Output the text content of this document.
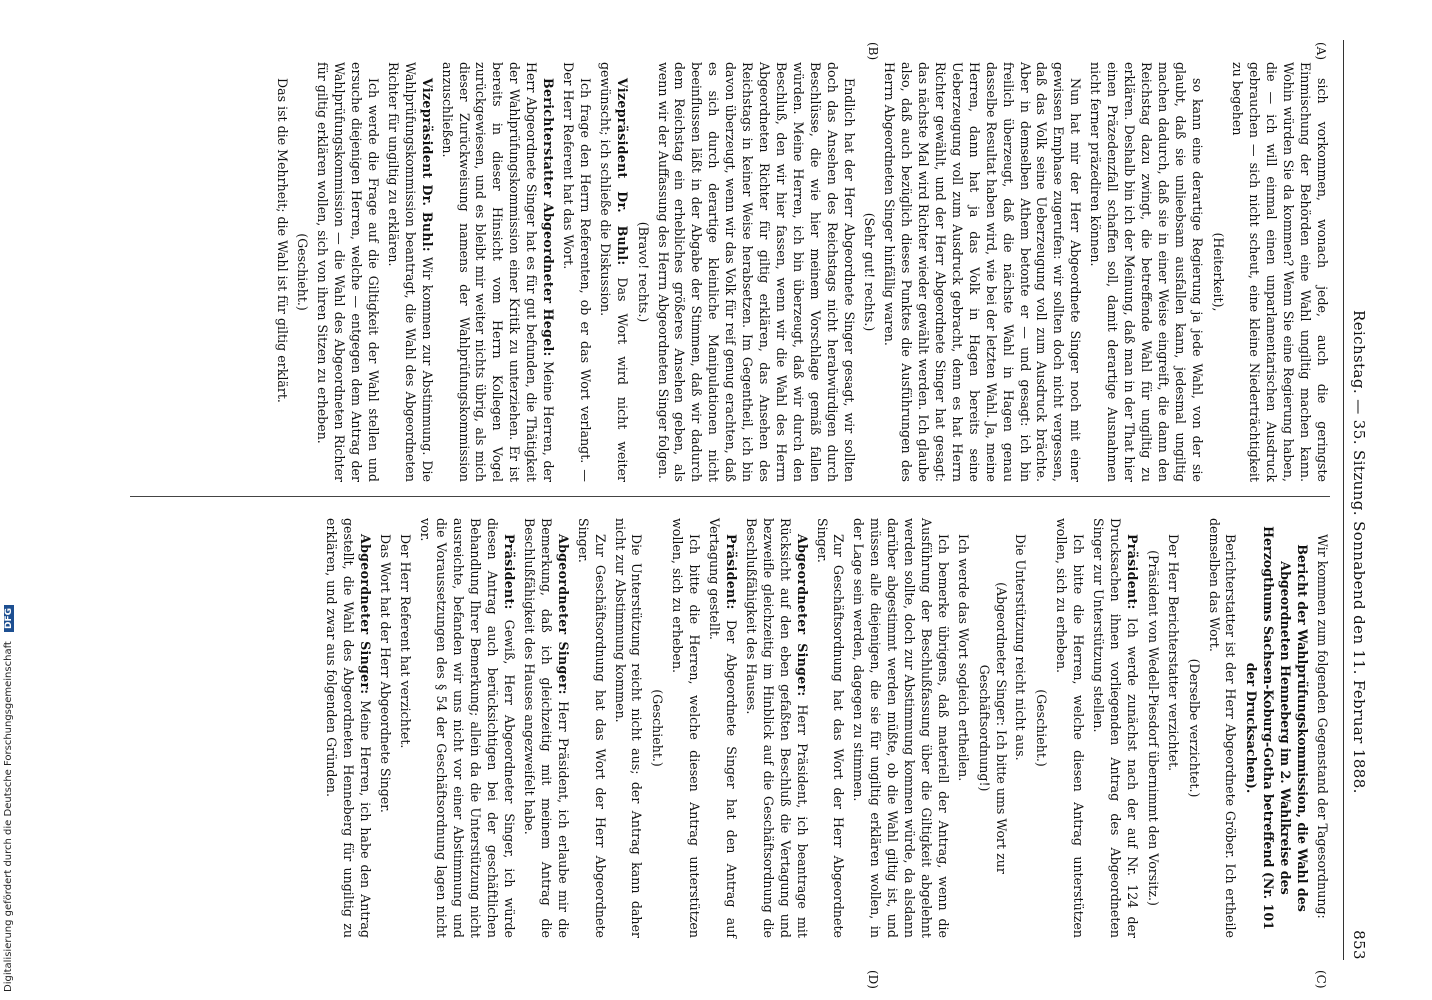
Reichstag. — 35. Sitzung. Sonnabend den 11. Februar 1888.
853
(A)
(B)
(C)
(D)

sich vorkommen, wonach jede, auch die geringste Einmischung der Behörden eine Wahl ungiltig machen kann. Wohin würden Sie da kommen? Wenn Sie eine Regierung haben, die — ich will einmal einen unparlamentarischen Ausdruck gebrauchen — sich nicht scheut, eine kleine Niederträchtigkeit zu begehen

(Heiterkeit),

so kann eine derartige Regierung ja jede Wahl, von der sie glaubt, daß sie unlieebsam ausfallen kann, jedesmal ungiltig machen dadurch, daß sie in einer Weise eingreift, die dann den Reichstag dazu zwingt, die betreffende Wahl für ungiltig zu erklären. Deshalb bin ich der Meinung, daß man in der That hier einen Präzedenzfall schaffen soll, damit derartige Ausnahmen nicht ferner präzediren können.

Nun hat mir der Herr Abgeordnete Singer noch mit einer gewissen Emphase zugerufen: wir sollten doch nicht vergessen, daß das Volk seine Ueberzeugung voll zum Ausdruck brächte. Aber in demselben Athem betonte er — und gesagt: ich bin freilich überzeugt, daß die nächste Wahl in Hagen genau dasselbe Resultat haben wird, wie bei der letzten Wahl. Ja, meine Herren, dann hat ja das Volk in Hagen bereits seine Ueberzeugung voll zum Ausdruck gebracht, denn es hat Herrn Richter gewählt, und der Herr Abgeordnete Singer hat gesagt: das nächste Mal wird Richter wieder gewählt werden. Ich glaube also, daß auch bezüglich dieses Punktes die Ausführungen des Herrn Abgeordneten Singer hinfällig waren.

(Sehr gut! rechts.)

Endlich hat der Herr Abgeordnete Singer gesagt, wir sollten doch das Ansehen des Reichstags nicht herabwürdigen durch Beschlüsse, die wie hier meinem Vorschlage gemäß fallen würden. Meine Herren, ich bin überzeugt, daß wir durch den Beschluß, den wir hier fassen, wenn wir die Wahl des Herrn Abgeordneten Richter für giltig erklären, das Ansehen des Reichstags in keiner Weise herabsetzen. Im Gegentheil, ich bin davon überzeugt, wenn wir das Volk für reif genug erachten, daß es sich durch derartige kleinliche Manipulationen nicht beeinflussen läßt in der Abgabe der Stimmen, daß wir dadurch dem Reichstag ein erhebliches größeres Ansehen geben, als wenn wir der Auffassung des Herrn Abgeordneten Singer folgen.

(Bravo! rechts.)

Vizepräsident Dr. Buhl: Das Wort wird nicht weiter gewünscht; ich schließe die Diskussion.

Ich frage den Herrn Referenten, ob er das Wort verlangt. — Der Herr Referent hat das Wort.

Berichterstatter Abgeordneter Hegel: Meine Herren, der Herr Abgeordnete Singer hat es für gut befunden, die Thätigkeit der Wahlprüfungskommission einer Kritik zu unterziehen. Er ist bereits in dieser Hinsicht vom Herrn Kollegen Vogel zurückgewiesen, und es bleibt mir weiter nichts übrig, als mich dieser Zurückweisung namens der Wahlprüfungskommission anzuschließen.

Vizepräsident Dr. Buhl: Wir kommen zur Abstimmung. Die Wahlprüfungskommission beantragt, die Wahl des Abgeordneten Richter für ungiltig zu erklären.

Ich werde die Frage auf die Giltigkeit der Wahl stellen und ersuche diejenigen Herren, welche — entgegen dem Antrag der Wahlprüfungskommission — die Wahl des Abgeordneten Richter für giltig erklären wollen, sich von ihren Sitzen zu erheben.

(Geschieht.)

Das ist die Mehrheit; die Wahl ist für giltig erklärt.

Wir kommen zum folgenden Gegenstand der Tagesordnung:

Bericht der Wahlprüfungskommission, die Wahl des Abgeordneten Henneberg im 2. Wahlkreise des Herzogthums Sachsen-Koburg-Gotha betreffend (Nr. 101 der Drucksachen).

Berichterstatter ist der Herr Abgeordnete Gröber. Ich ertheile demselben das Wort.

(Derselbe verzichtet.)

Der Herr Berichterstatter verzichtet.

(Präsident von Wedell-Piesdorf übernimmt den Vorsitz.)

Präsident: Ich werde zunächst nach der auf Nr. 124 der Drucksachen ihnen vorliegenden Antrag des Abgeordneten Singer zur Unterstützung stellen.

Ich bitte die Herren, welche diesen Antrag unterstützen wollen, sich zu erheben.

(Geschieht.)

Die Unterstützung reicht nicht aus.

(Abgeordneter Singer: Ich bitte ums Wort zur Geschäftsordnung!)

Ich werde das Wort sogleich ertheilen.

Ich bemerke übrigens, daß materiell der Antrag, wenn die Ausführung der Beschlußfassung über die Giltigkeit abgelehnt werden sollte, doch zur Abstimmung kommen würde, da alsdann darüber abgestimmt werden müßte, ob die Wahl giltig ist, und müssen alle diejenigen, die sie für ungiltig erklären wollen, in der Lage sein werden, dagegen zu stimmen.

Zur Geschäftsordnung hat das Wort der Herr Abgeordnete Singer.

Abgeordneter Singer: Herr Präsident, ich beantrage mit Rücksicht auf den eben gefaßten Beschluß die Vertagung und bezweifle gleichzeitig im Hinblick auf die Geschäftsordnung die Beschlußfähigkeit des Hauses.

Präsident: Der Abgeordnete Singer hat den Antrag auf Vertagung gestellt.

Ich bitte die Herren, welche diesen Antrag unterstützen wollen, sich zu erheben.

(Geschieht.)

Die Unterstützung reicht nicht aus; der Antrag kann daher nicht zur Abstimmung kommen.

Zur Geschäftsordnung hat das Wort der Herr Abgeordnete Singer.

Abgeordneter Singer: Herr Präsident, ich erlaube mir die Bemerkung, daß ich gleichzeitig mit meinem Antrag die Beschlußfähigkeit des Hauses angezweifelt habe.

Präsident: Gewiß, Herr Abgeordneter Singer, ich würde diesen Antrag auch berücksichtigen bei der geschäftlichen Behandlung Ihrer Bemerkung; allein da die Unterstützung nicht ausreichte, befanden wir uns nicht vor einer Abstimmung und die Voraussetzungen des § 54 der Geschäftsordnung lagen nicht vor.

Der Herr Referent hat verzichtet.

Das Wort hat der Herr Abgeordnete Singer.

Abgeordneter Singer: Meine Herren, ich habe den Antrag gestellt, die Wahl des Abgeordneten Henneberg für ungiltig zu erklären, und zwar aus folgenden Gründen.

Digitalisierung gefördert durch die Deutsche Forschungsgemeinschaft DFG
